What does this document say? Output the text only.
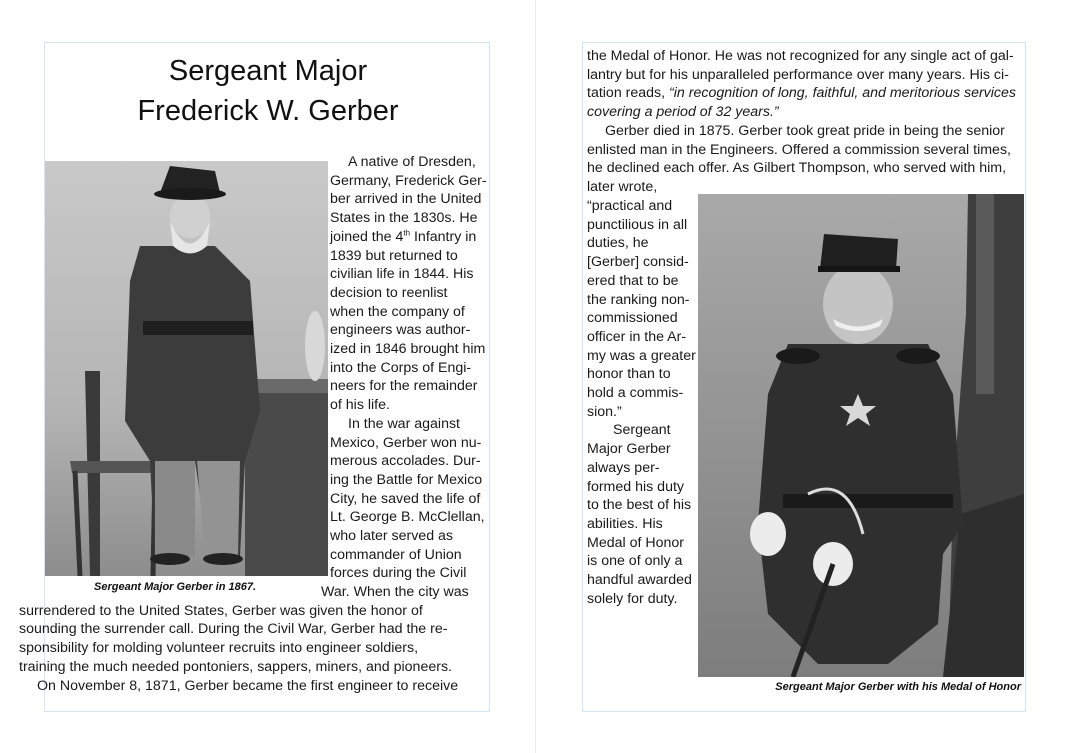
Sergeant Major
Frederick W. Gerber
Sergeant Major Gerber in 1867.
A native of Dresden,
Germany, Frederick Ger-
ber arrived in the United
States in the 1830s. He
joined the 4th Infantry in
1839 but returned to
civilian life in 1844. His
decision to reenlist
when the company of
engineers was author-
ized in 1846 brought him
into the Corps of Engi-
neers for the remainder
of his life.
In the war against
Mexico, Gerber won nu-
merous accolades. Dur-
ing the Battle for Mexico
City, he saved the life of
Lt. George B. McClellan,
who later served as
commander of Union
forces during the Civil
War. When the city was
surrendered to the United States, Gerber was given the honor of
sounding the surrender call. During the Civil War, Gerber had the re-
sponsibility for molding volunteer recruits into engineer soldiers,
training the much needed pontoniers, sappers, miners, and pioneers.
On November 8, 1871, Gerber became the first engineer to receive
the Medal of Honor. He was not recognized for any single act of gal-
lantry but for his unparalleled performance over many years. His ci-
tation reads, “in recognition of long, faithful, and meritorious services
covering a period of 32 years.”
Gerber died in 1875. Gerber took great pride in being the senior
enlisted man in the Engineers. Offered a commission several times,
he declined each offer. As Gilbert Thompson, who served with him,
later wrote,
“practical and
punctilious in all
duties, he
[Gerber] consid-
ered that to be
the ranking non-
commissioned
officer in the Ar-
my was a greater
honor than to
hold a commis-
sion.”
Sergeant
Major Gerber
always per-
formed his duty
to the best of his
abilities. His
Medal of Honor
is one of only a
handful awarded
solely for duty.
Sergeant Major Gerber with his Medal of Honor
